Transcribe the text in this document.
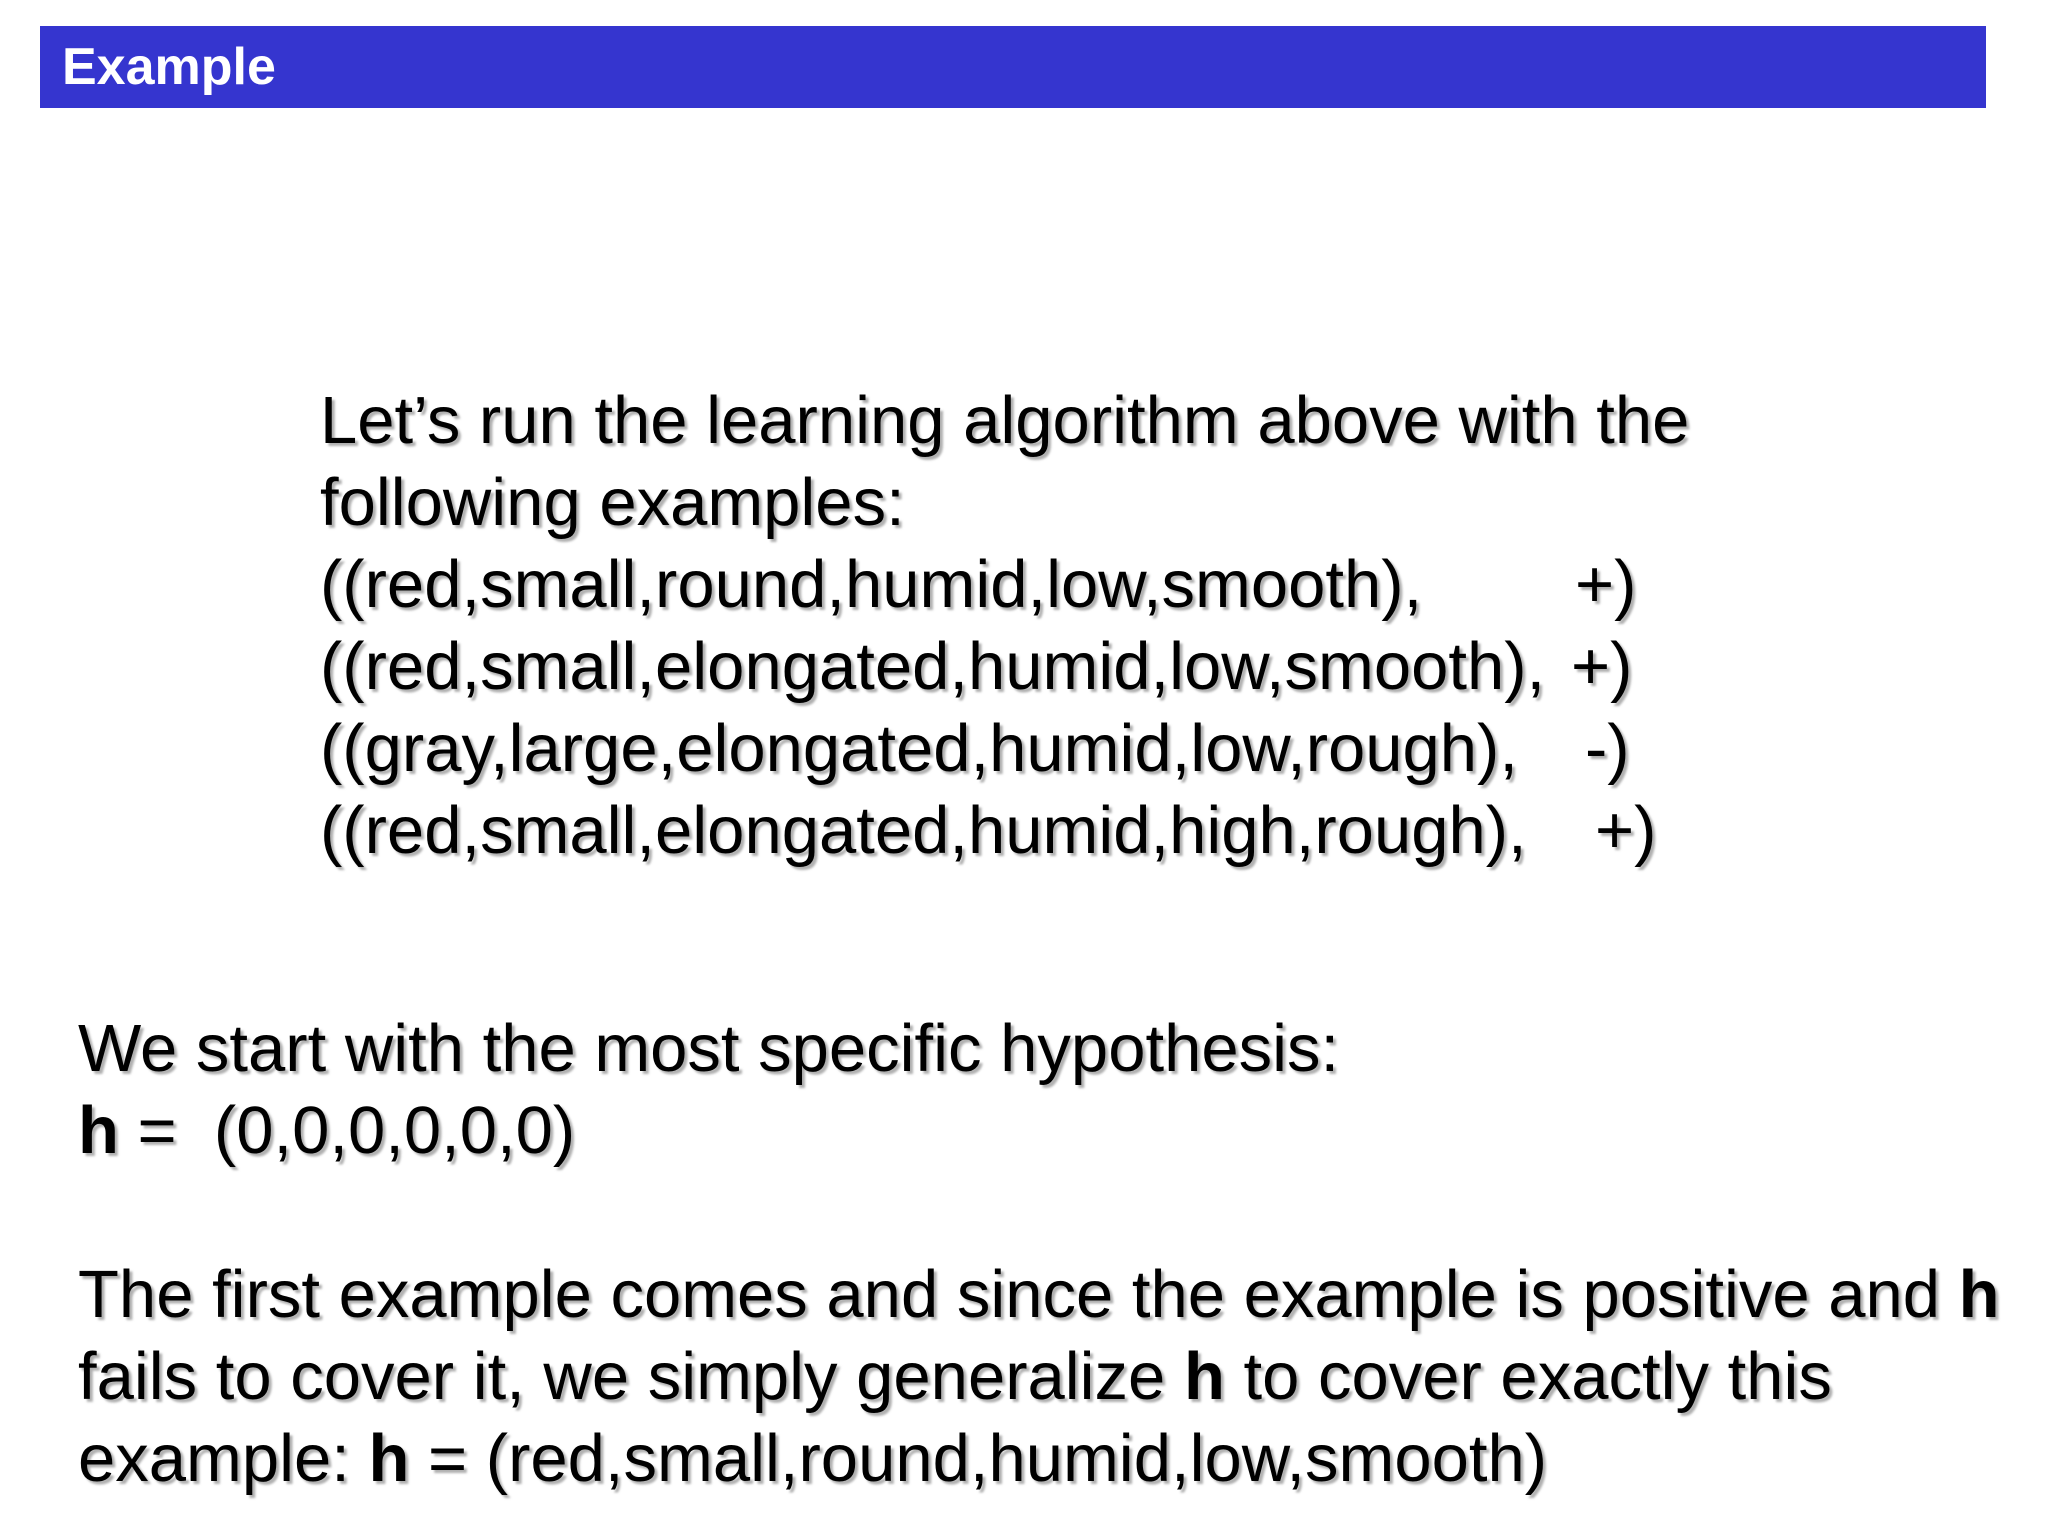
Example
Let’s run the learning algorithm above with the
following examples:
((red,small,round,humid,low,smooth), +)
((red,small,elongated,humid,low,smooth), +)
((gray,large,elongated,humid,low,rough), -)
((red,small,elongated,humid,high,rough), +)
We start with the most specific hypothesis:
h =  (0,0,0,0,0,0)
The first example comes and since the example is positive and h
fails to cover it, we simply generalize h to cover exactly this
example: h = (red,small,round,humid,low,smooth)
